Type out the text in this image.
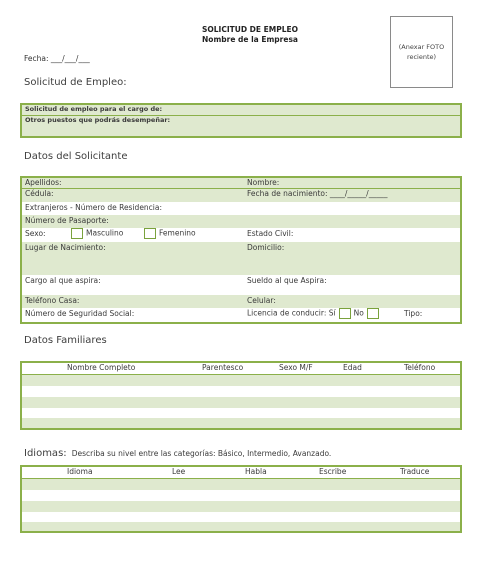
SOLICITUD DE EMPLEO
Nombre de la Empresa
(Anexar FOTO
reciente)
Fecha: ___/___/___
Solicitud de Empleo:
Solicitud de empleo para el cargo de:
Otros puestos que podrás desempeñar:
Datos del Solicitante
Apellidos:	Nombre:
Cédula:	Fecha de nacimiento: ____/_____/_____
Extranjeros - Número de Residencia:
Número de Pasaporte:
Sexo:	Masculino	Femenino	Estado Civil:
Lugar de Nacimiento:	Domicilio:
Cargo al que aspira:	Sueldo al que Aspira:
Teléfono Casa:	Celular:
Número de Seguridad Social:	Licencia de conducir: Sí No	Tipo:
Datos Familiares
Nombre Completo	Parentesco	Sexo M/F	Edad	Teléfono
Idiomas: Describa su nivel entre las categorías: Básico, Intermedio, Avanzado.
Idioma	Lee	Habla	Escribe	Traduce
